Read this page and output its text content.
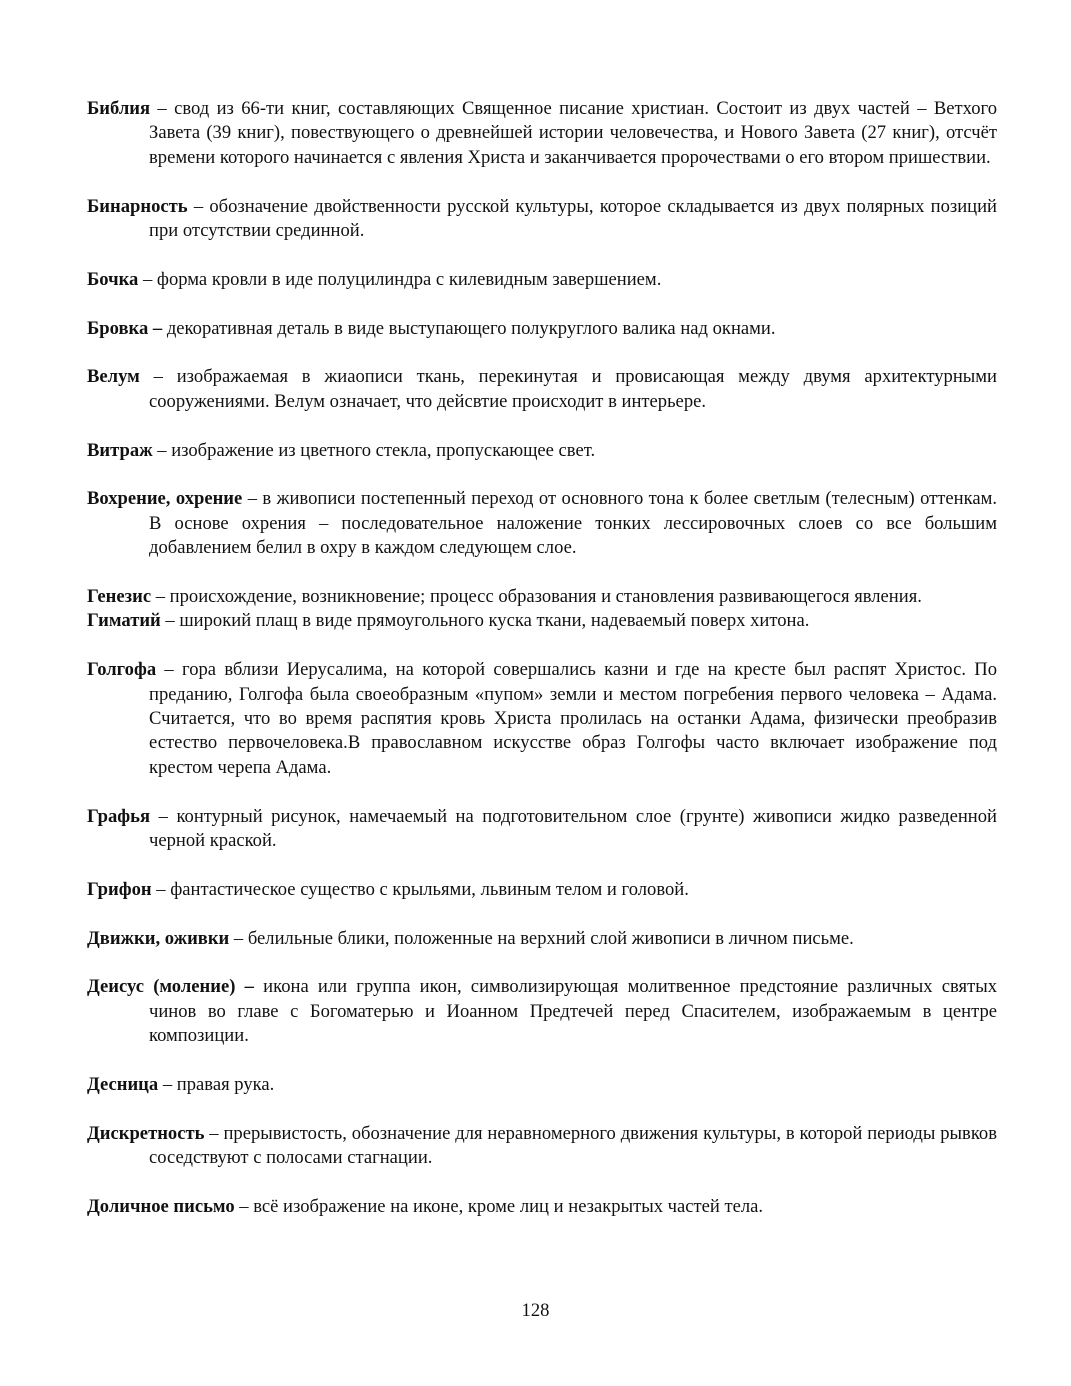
Библия – свод из 66-ти книг, составляющих Священное писание христиан. Состоит из двух частей – Ветхого Завета (39 книг), повествующего о древнейшей истории человечества, и Нового Завета (27 книг), отсчёт времени которого начинается с явления Христа и заканчивается пророчествами о его втором пришествии.

Бинарность – обозначение двойственности русской культуры, которое складывается из двух полярных позиций при отсутствии срединной.

Бочка – форма кровли в иде полуцилиндра с килевидным завершением.

Бровка – декоративная деталь в виде выступающего полукруглого валика над окнами.

Велум – изображаемая в жиаописи ткань, перекинутая и провисающая между двумя архитектурными сооружениями. Велум означает, что дейсвтие происходит в интерьере.

Витраж – изображение из цветного стекла, пропускающее свет.

Вохрение, охрение – в живописи постепенный переход от основного тона к более светлым (телесным) оттенкам. В основе охрения – последовательное наложение тонких лессировочных слоев со все большим добавлением белил в охру в каждом следующем слое.

Генезис – происхождение, возникновение; процесс образования и становления развивающегося явления.

Гиматий – широкий плащ в виде прямоугольного куска ткани, надеваемый поверх хитона.

Голгофа – гора вблизи Иерусалима, на которой совершались казни и где на кресте был распят Христос. По преданию, Голгофа была своеобразным «пупом» земли и местом погребения первого человека – Адама. Считается, что во время распятия кровь Христа пролилась на останки Адама, физически преобразив естество первочеловека.В православном искусстве образ Голгофы часто включает изображение под крестом черепа Адама.

Графья – контурный рисунок, намечаемый на подготовительном слое (грунте) живописи жидко разведенной черной краской.

Грифон – фантастическое существо с крыльями, львиным телом и головой.

Движки, оживки – белильные блики, положенные на верхний слой живописи в личном письме.

Деисус (моление) – икона или группа икон, символизирующая молитвенное предстояние различных святых чинов во главе с Богоматерью и Иоанном Предтечей перед Спасителем, изображаемым в центре композиции.

Десница – правая рука.

Дискретность – прерывистость, обозначение для неравномерного движения культуры, в которой периоды рывков соседствуют с полосами стагнации.

Доличное письмо – всё изображение на иконе, кроме лиц и незакрытых частей тела.

128
